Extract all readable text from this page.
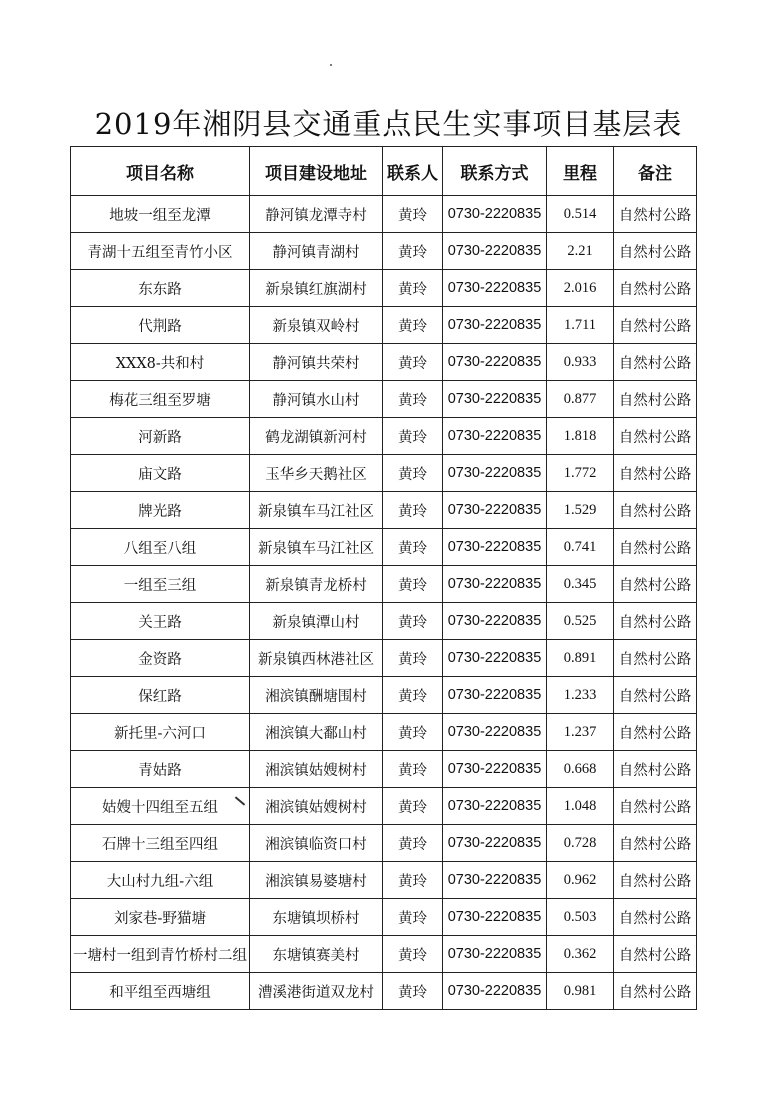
2019年湘阴县交通重点民生实事项目基层表
项目名称	项目建设地址	联系人	联系方式	里程	备注
地坡一组至龙潭	静河镇龙潭寺村	黄玲	0730-2220835	0.514	自然村公路
青湖十五组至青竹小区	静河镇青湖村	黄玲	0730-2220835	2.21	自然村公路
东东路	新泉镇红旗湖村	黄玲	0730-2220835	2.016	自然村公路
代荆路	新泉镇双岭村	黄玲	0730-2220835	1.711	自然村公路
XXX8-共和村	静河镇共荣村	黄玲	0730-2220835	0.933	自然村公路
梅花三组至罗塘	静河镇水山村	黄玲	0730-2220835	0.877	自然村公路
河新路	鹤龙湖镇新河村	黄玲	0730-2220835	1.818	自然村公路
庙文路	玉华乡天鹅社区	黄玲	0730-2220835	1.772	自然村公路
牌光路	新泉镇车马江社区	黄玲	0730-2220835	1.529	自然村公路
八组至八组	新泉镇车马江社区	黄玲	0730-2220835	0.741	自然村公路
一组至三组	新泉镇青龙桥村	黄玲	0730-2220835	0.345	自然村公路
关王路	新泉镇潭山村	黄玲	0730-2220835	0.525	自然村公路
金资路	新泉镇西林港社区	黄玲	0730-2220835	0.891	自然村公路
保红路	湘滨镇酬塘围村	黄玲	0730-2220835	1.233	自然村公路
新托里-六河口	湘滨镇大鄱山村	黄玲	0730-2220835	1.237	自然村公路
青姑路	湘滨镇姑嫂树村	黄玲	0730-2220835	0.668	自然村公路
姑嫂十四组至五组	湘滨镇姑嫂树村	黄玲	0730-2220835	1.048	自然村公路
石牌十三组至四组	湘滨镇临资口村	黄玲	0730-2220835	0.728	自然村公路
大山村九组-六组	湘滨镇易婆塘村	黄玲	0730-2220835	0.962	自然村公路
刘家巷-野猫塘	东塘镇坝桥村	黄玲	0730-2220835	0.503	自然村公路
一塘村一组到青竹桥村二组	东塘镇赛美村	黄玲	0730-2220835	0.362	自然村公路
和平组至西塘组	漕溪港街道双龙村	黄玲	0730-2220835	0.981	自然村公路
